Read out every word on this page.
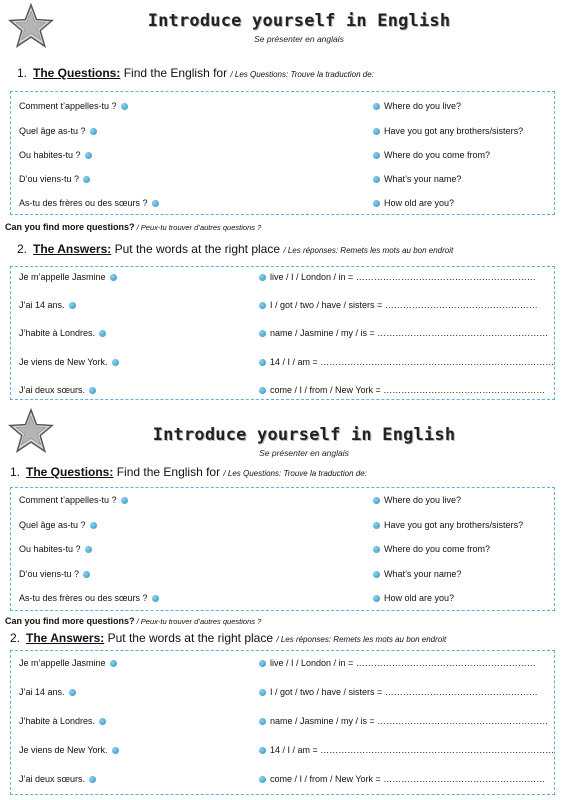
Introduce yourself in English
Se présenter en anglais
1. The Questions: Find the English for / Les Questions: Trouve la traduction de:
Comment t’appelles-tu ?
Quel âge as-tu ?
Ou habites-tu ?
D’ou viens-tu ?
As-tu des frères ou des sœurs ?
Where do you live?
Have you got any brothers/sisters?
Where do you come from?
What’s your name?
How old are you?
Can you find more questions? / Peux-tu trouver d’autres questions ?
2. The Answers: Put the words at the right place / Les réponses: Remets les mots au bon endroit
Je m’appelle Jasmine
J’ai 14 ans.
J’habite à Londres.
Je viens de New York.
J’ai deux sœurs.
live / I / London / in = ……………………………………………………
I / got / two / have / sisters = ……………………………………………
name / Jasmine / my / is = …………………………………………………
14 / I / am = ……………………………………………………………………
come / I / from / New York = ………………………………………………
Introduce yourself in English
Se présenter en anglais
1. The Questions: Find the English for / Les Questions: Trouve la traduction de:
Comment t’appelles-tu ?
Quel âge as-tu ?
Ou habites-tu ?
D’ou viens-tu ?
As-tu des frères ou des sœurs ?
Where do you live?
Have you got any brothers/sisters?
Where do you come from?
What’s your name?
How old are you?
Can you find more questions? / Peux-tu trouver d’autres questions ?
2. The Answers: Put the words at the right place / Les réponses: Remets les mots au bon endroit
Je m’appelle Jasmine
J’ai 14 ans.
J’habite à Londres.
Je viens de New York.
J’ai deux sœurs.
live / I / London / in = ……………………………………………………
I / got / two / have / sisters = ……………………………………………
name / Jasmine / my / is = …………………………………………………
14 / I / am = ……………………………………………………………………
come / I / from / New York = ………………………………………………
